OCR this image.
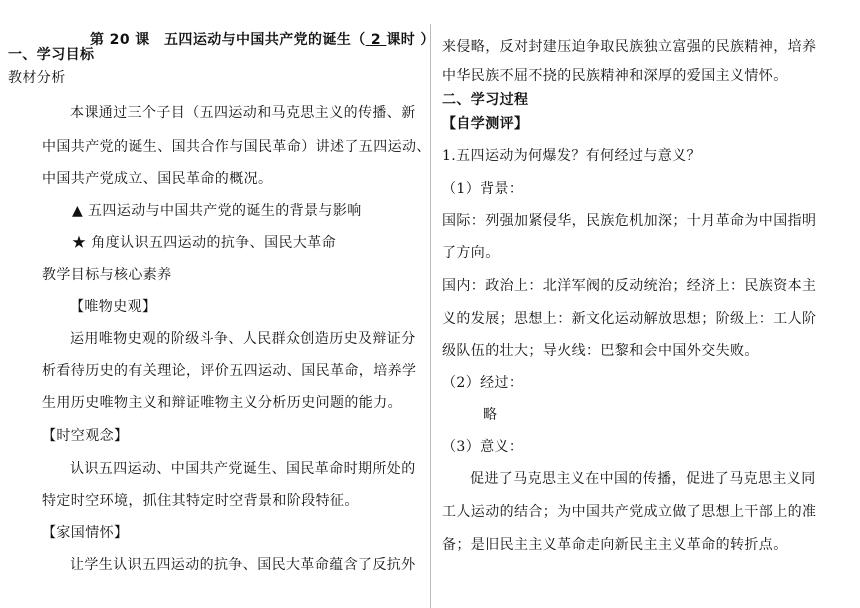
第 20 课　五四运动与中国共产党的诞生（ 2 课时 ）
一、学习目标
教材分析
本课通过三个子目（五四运动和马克思主义的传播、新
中国共产党的诞生、国共合作与国民革命）讲述了五四运动、
中国共产党成立、国民革命的概况。
▲ 五四运动与中国共产党的诞生的背景与影响
★ 角度认识五四运动的抗争、国民大革命
教学目标与核心素养
【唯物史观】
运用唯物史观的阶级斗争、人民群众创造历史及辩证分
析看待历史的有关理论，评价五四运动、国民革命，培养学
生用历史唯物主义和辩证唯物主义分析历史问题的能力。
【时空观念】
认识五四运动、中国共产党诞生、国民革命时期所处的
特定时空环境，抓住其特定时空背景和阶段特征。
【家国情怀】
让学生认识五四运动的抗争、国民大革命蕴含了反抗外
来侵略，反对封建压迫争取民族独立富强的民族精神，培养
中华民族不屈不挠的民族精神和深厚的爱国主义情怀。
二、学习过程
【自学测评】
1.五四运动为何爆发？有何经过与意义？
（1）背景：
国际：列强加紧侵华，民族危机加深；十月革命为中国指明
了方向。
国内：政治上：北洋军阀的反动统治；经济上：民族资本主
义的发展；思想上：新文化运动解放思想；阶级上：工人阶
级队伍的壮大；导火线：巴黎和会中国外交失败。
（2）经过：
略
（3）意义：
促进了马克思主义在中国的传播，促进了马克思主义同
工人运动的结合；为中国共产党成立做了思想上干部上的准
备；是旧民主主义革命走向新民主主义革命的转折点。
